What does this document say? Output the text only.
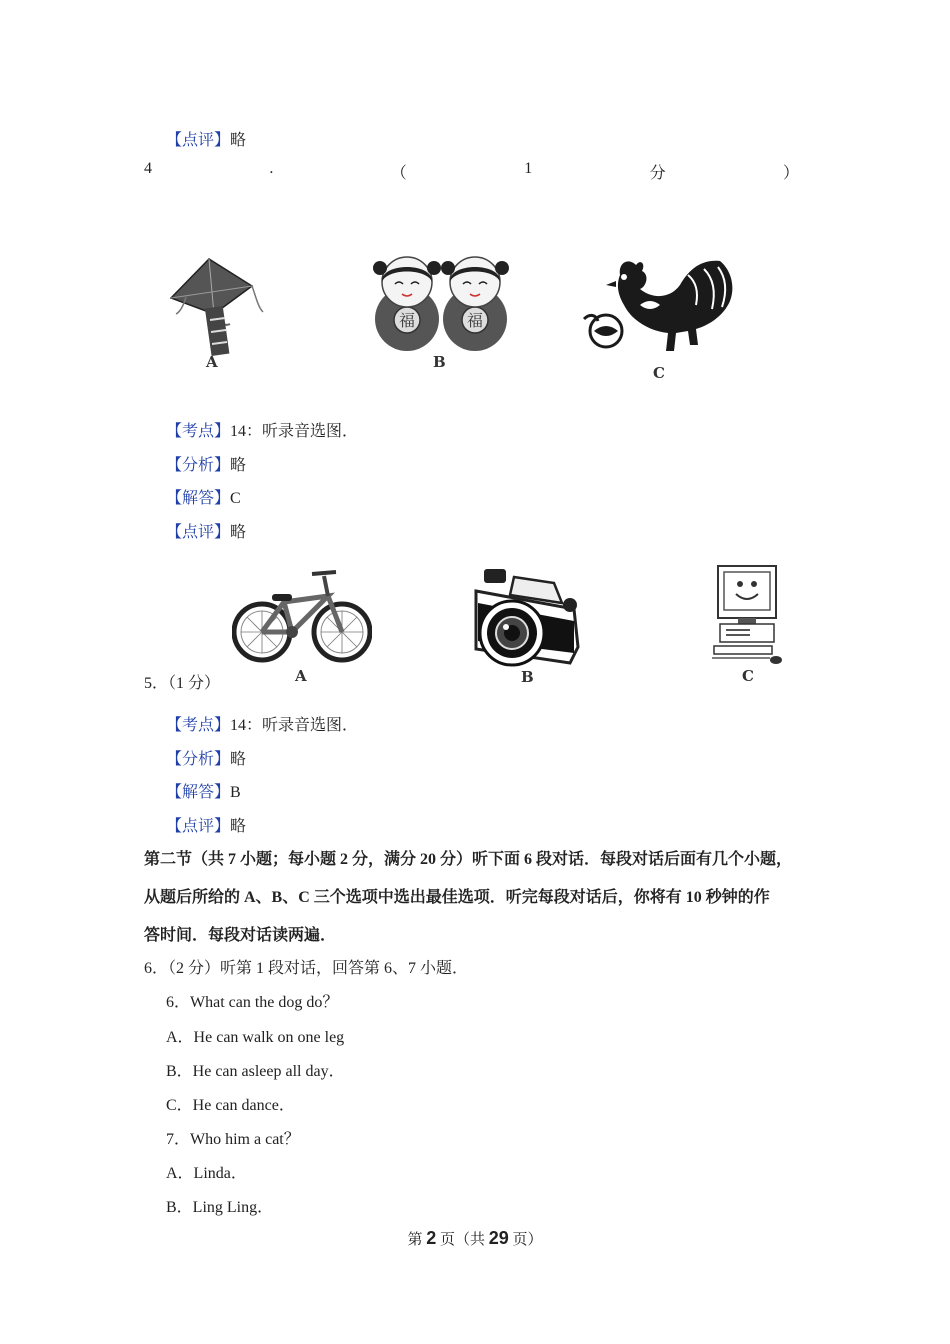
【点评】略
4	.	（	1	分	）
A
福	福
B
C
【考点】14：听录音选图．
【分析】略
【解答】C
【点评】略
A	B	C
5．（1 分）
【考点】14：听录音选图．
【分析】略
【解答】B
【点评】略
第二节（共 7 小题；每小题 2 分，满分 20 分）听下面 6 段对话．每段对话后面有几个小题，
从题后所给的 A、B、C 三个选项中选出最佳选项．听完每段对话后，你将有 10 秒钟的作
答时间．每段对话读两遍．
6．（2 分）听第 1 段对话，回答第 6、7 小题．
6．What can the dog do？
A．He can walk on one leg
B．He can asleep all day．
C．He can dance．
7．Who him a cat？
A．Linda．
B．Ling Ling．
第 2 页（共 29 页）
